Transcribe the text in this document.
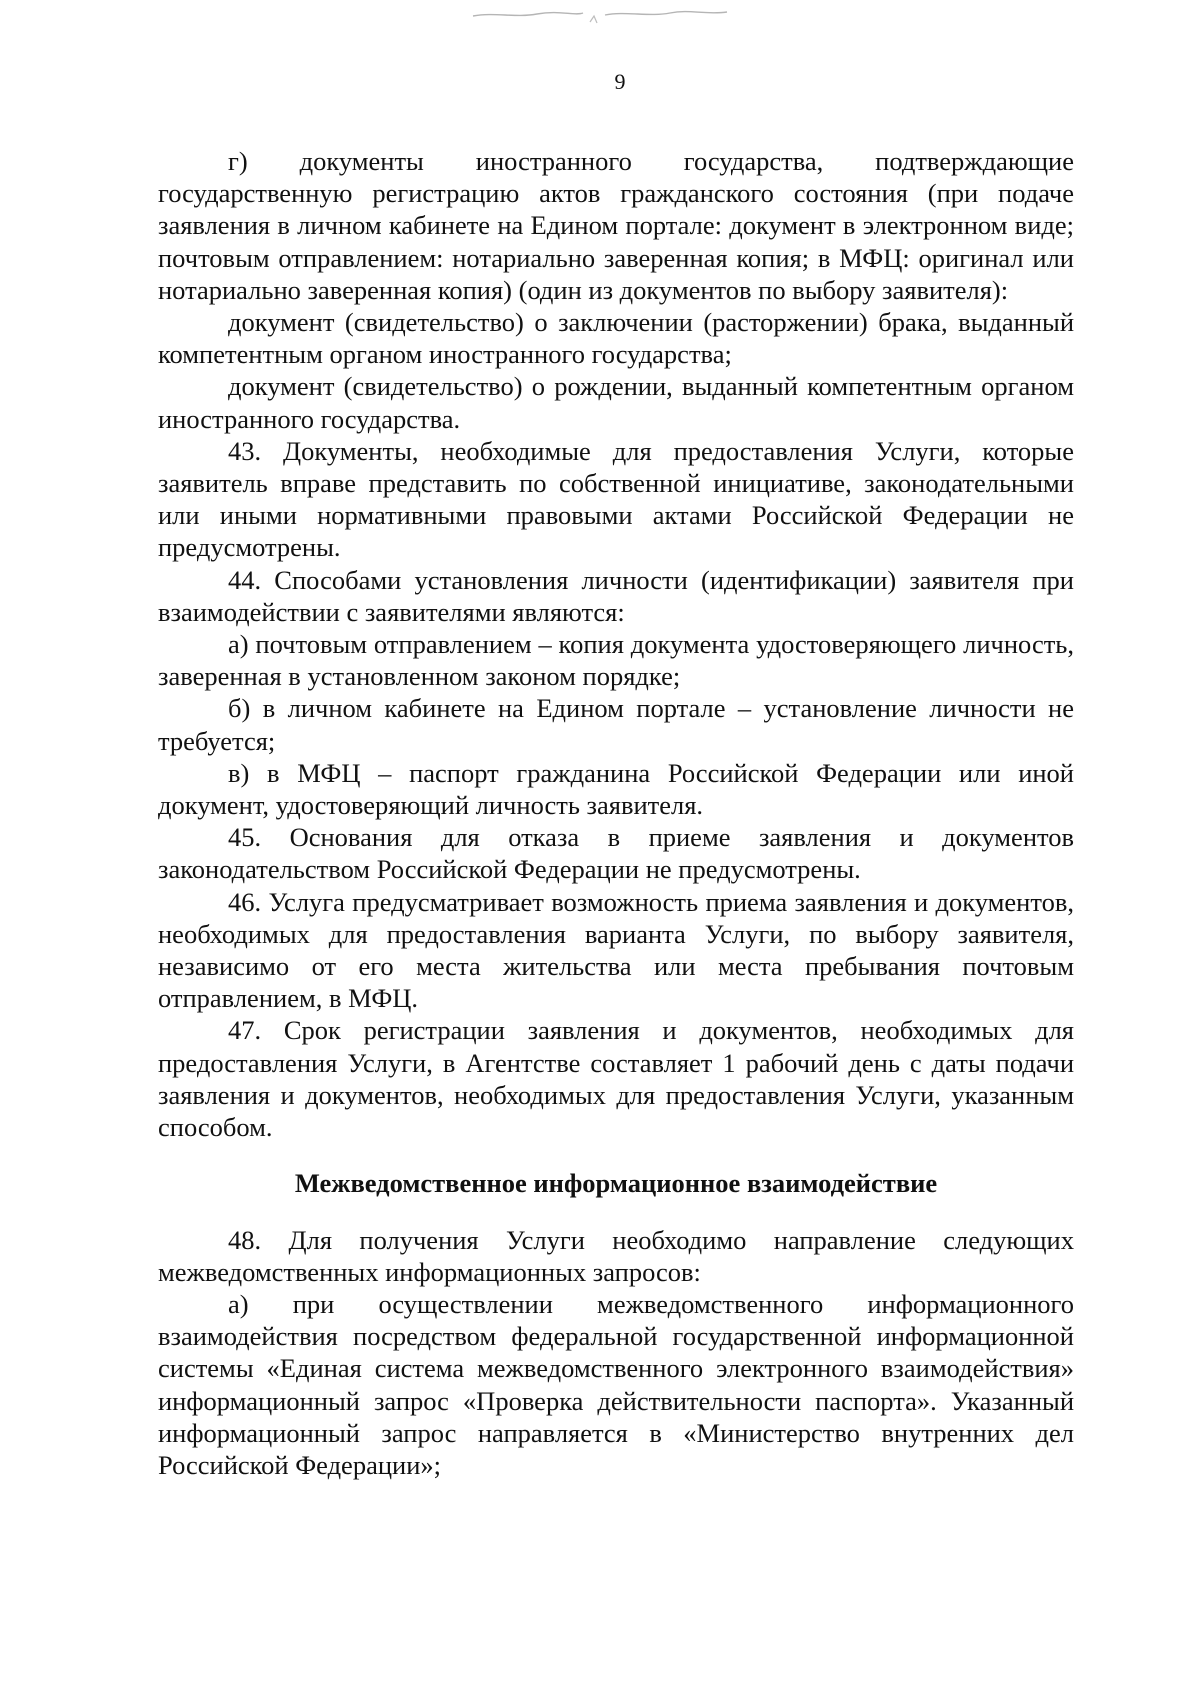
9

г) документы иностранного государства, подтверждающие государственную регистрацию актов гражданского состояния (при подаче заявления в личном кабинете на Едином портале: документ в электронном виде; почтовым отправлением: нотариально заверенная копия; в МФЦ: оригинал или нотариально заверенная копия) (один из документов по выбору заявителя):

документ (свидетельство) о заключении (расторжении) брака, выданный компетентным органом иностранного государства;

документ (свидетельство) о рождении, выданный компетентным органом иностранного государства.

43. Документы, необходимые для предоставления Услуги, которые заявитель вправе представить по собственной инициативе, законодательными или иными нормативными правовыми актами Российской Федерации не предусмотрены.

44. Способами установления личности (идентификации) заявителя при взаимодействии с заявителями являются:

а) почтовым отправлением – копия документа удостоверяющего личность, заверенная в установленном законом порядке;

б) в личном кабинете на Едином портале – установление личности не требуется;

в) в МФЦ – паспорт гражданина Российской Федерации или иной документ, удостоверяющий личность заявителя.

45. Основания для отказа в приеме заявления и документов законодательством Российской Федерации не предусмотрены.

46. Услуга предусматривает возможность приема заявления и документов, необходимых для предоставления варианта Услуги, по выбору заявителя, независимо от его места жительства или места пребывания почтовым отправлением, в МФЦ.

47. Срок регистрации заявления и документов, необходимых для предоставления Услуги, в Агентстве составляет 1 рабочий день с даты подачи заявления и документов, необходимых для предоставления Услуги, указанным способом.

Межведомственное информационное взаимодействие

48. Для получения Услуги необходимо направление следующих межведомственных информационных запросов:

а) при осуществлении межведомственного информационного взаимодействия посредством федеральной государственной информационной системы «Единая система межведомственного электронного взаимодействия» информационный запрос «Проверка действительности паспорта». Указанный информационный запрос направляется в «Министерство внутренних дел Российской Федерации»;
